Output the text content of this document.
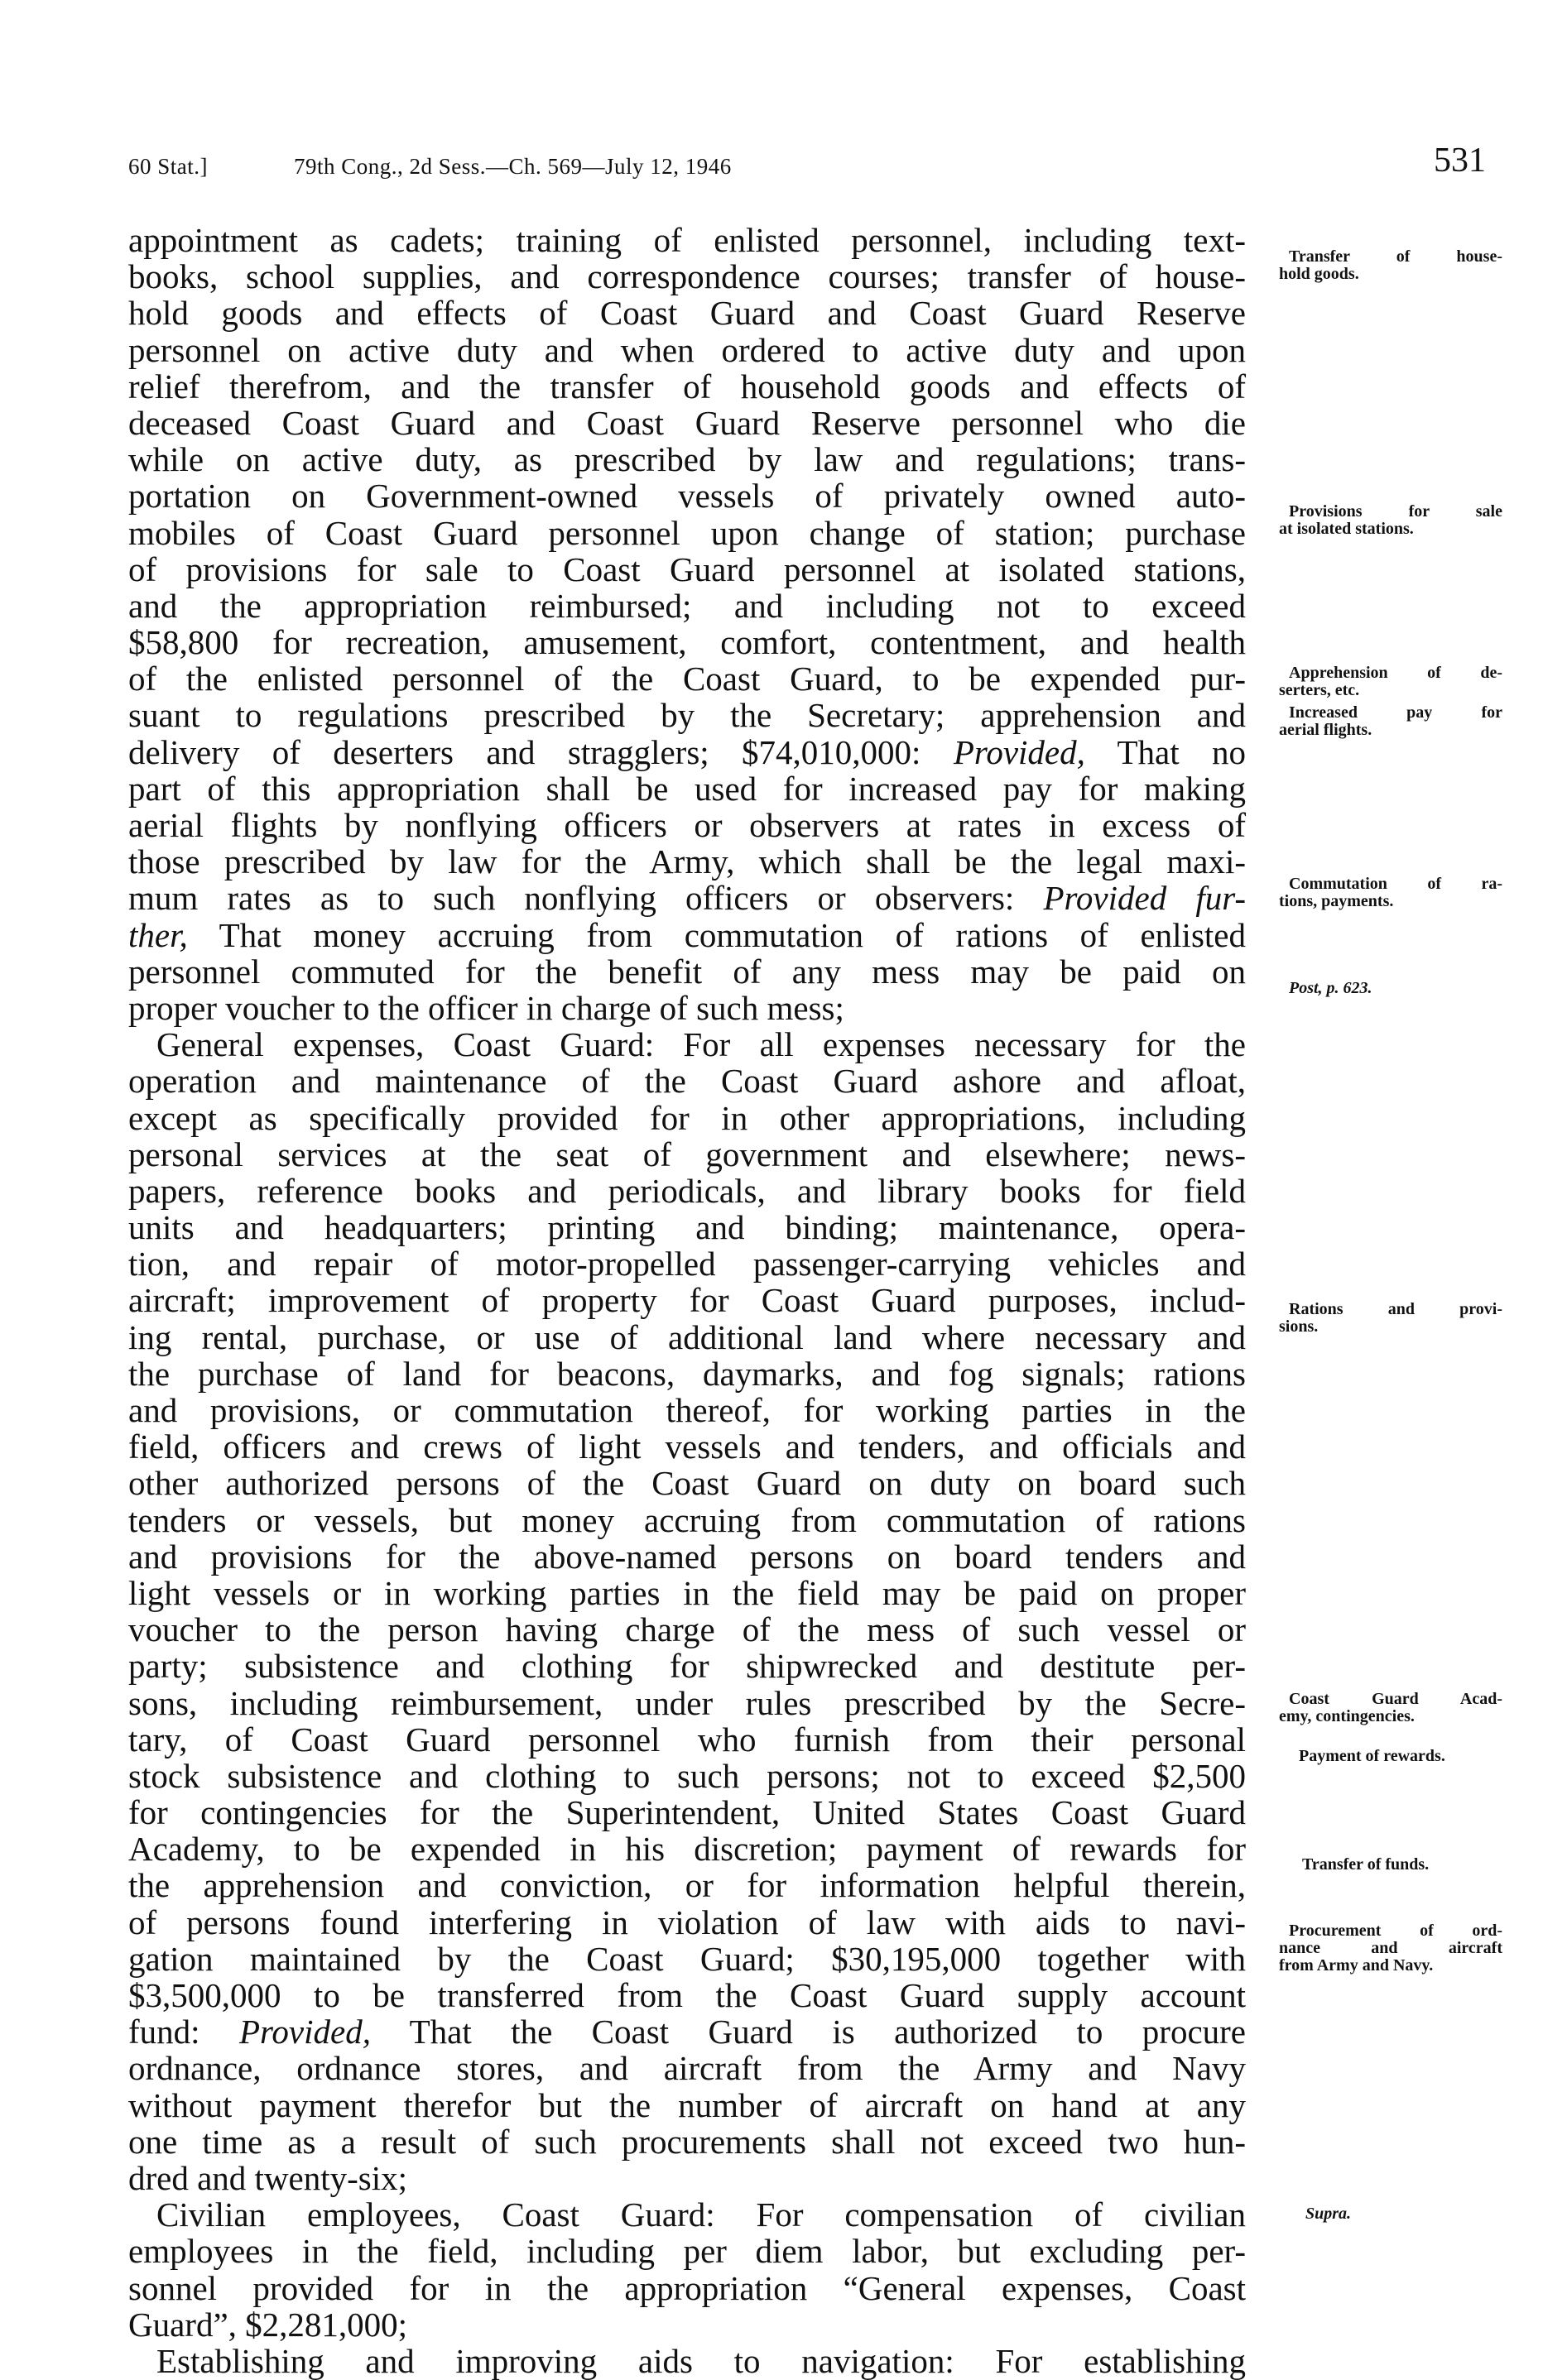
60 Stat.]	79th Cong., 2d Sess.—Ch. 569—July 12, 1946	531
appointment as cadets; training of enlisted personnel, including text-
books, school supplies, and correspondence courses; transfer of house-
hold goods and effects of Coast Guard and Coast Guard Reserve
personnel on active duty and when ordered to active duty and upon
relief therefrom, and the transfer of household goods and effects of
deceased Coast Guard and Coast Guard Reserve personnel who die
while on active duty, as prescribed by law and regulations; trans-
portation on Government-owned vessels of privately owned auto-
mobiles of Coast Guard personnel upon change of station; purchase
of provisions for sale to Coast Guard personnel at isolated stations,
and the appropriation reimbursed; and including not to exceed
$58,800 for recreation, amusement, comfort, contentment, and health
of the enlisted personnel of the Coast Guard, to be expended pur-
suant to regulations prescribed by the Secretary; apprehension and
delivery of deserters and stragglers; $74,010,000: Provided, That no
part of this appropriation shall be used for increased pay for making
aerial flights by nonflying officers or observers at rates in excess of
those prescribed by law for the Army, which shall be the legal maxi-
mum rates as to such nonflying officers or observers: Provided fur-
ther, That money accruing from commutation of rations of enlisted
personnel commuted for the benefit of any mess may be paid on
proper voucher to the officer in charge of such mess;
General expenses, Coast Guard: For all expenses necessary for the
operation and maintenance of the Coast Guard ashore and afloat,
except as specifically provided for in other appropriations, including
personal services at the seat of government and elsewhere; news-
papers, reference books and periodicals, and library books for field
units and headquarters; printing and binding; maintenance, opera-
tion, and repair of motor-propelled passenger-carrying vehicles and
aircraft; improvement of property for Coast Guard purposes, includ-
ing rental, purchase, or use of additional land where necessary and
the purchase of land for beacons, daymarks, and fog signals; rations
and provisions, or commutation thereof, for working parties in the
field, officers and crews of light vessels and tenders, and officials and
other authorized persons of the Coast Guard on duty on board such
tenders or vessels, but money accruing from commutation of rations
and provisions for the above-named persons on board tenders and
light vessels or in working parties in the field may be paid on proper
voucher to the person having charge of the mess of such vessel or
party; subsistence and clothing for shipwrecked and destitute per-
sons, including reimbursement, under rules prescribed by the Secre-
tary, of Coast Guard personnel who furnish from their personal
stock subsistence and clothing to such persons; not to exceed $2,500
for contingencies for the Superintendent, United States Coast Guard
Academy, to be expended in his discretion; payment of rewards for
the apprehension and conviction, or for information helpful therein,
of persons found interfering in violation of law with aids to navi-
gation maintained by the Coast Guard; $30,195,000 together with
$3,500,000 to be transferred from the Coast Guard supply account
fund: Provided, That the Coast Guard is authorized to procure
ordnance, ordnance stores, and aircraft from the Army and Navy
without payment therefor but the number of aircraft on hand at any
one time as a result of such procurements shall not exceed two hun-
dred and twenty-six;
Civilian employees, Coast Guard: For compensation of civilian
employees in the field, including per diem labor, but excluding per-
sonnel provided for in the appropriation “General expenses, Coast
Guard”, $2,281,000;
Establishing and improving aids to navigation: For establishing
Transfer of house-
hold goods.
Provisions for sale
at isolated stations.
Apprehension of de-
serters, etc.
Increased pay for
aerial flights.
Commutation of ra-
tions, payments.
Post, p. 623.
Rations and provi-
sions.
Coast Guard Acad-
emy, contingencies.
Payment of rewards.
Transfer of funds.
Procurement of ord-
nance and aircraft
from Army and Navy.
Supra.
